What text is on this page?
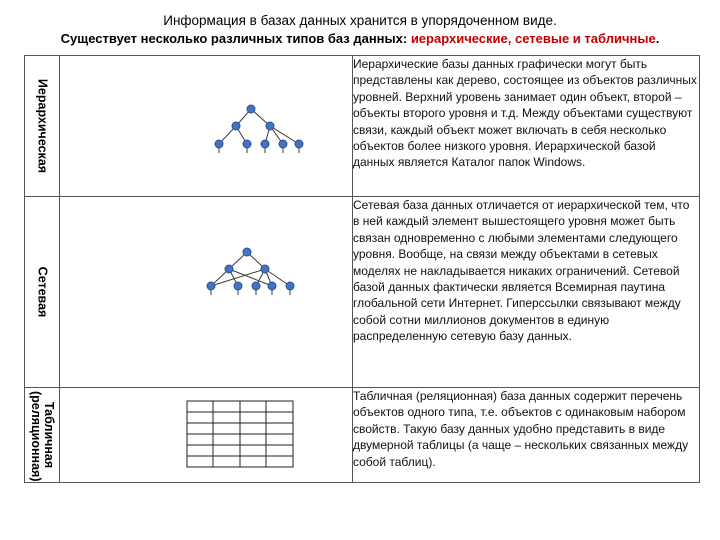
Информация в базах данных хранится в упорядоченном виде.
Существует несколько различных типов баз данных: иерархические, сетевые и табличные.
Иерархическая		Иерархические базы данных графически могут быть представлены как дерево, состоящее из объектов различных уровней. Верхний уровень занимает один объект, второй – объекты второго уровня и т.д. Между объектами существуют связи, каждый объект может включать в себя несколько объектов более низкого уровня. Иерархической базой данных является Каталог папок Windows.

Сетевая		Сетевая база данных отличается от иерархической тем, что в ней каждый элемент вышестоящего уровня может быть связан одновременно с любыми элементами следующего уровня. Вообще, на связи между объектами в сетевых моделях не накладывается никаких ограничений. Сетевой базой данных фактически является Всемирная паутина глобальной сети Интернет. Гиперссылки связывают между собой сотни миллионов документов в единую распределенную сетевую базу данных.

Табличная (реляционная)		Табличная (реляционная) база данных содержит перечень объектов одного типа, т.е. объектов с одинаковым набором свойств. Такую базу данных удобно представить в виде двумерной таблицы (а чаще – нескольких связанных между собой таблиц).
